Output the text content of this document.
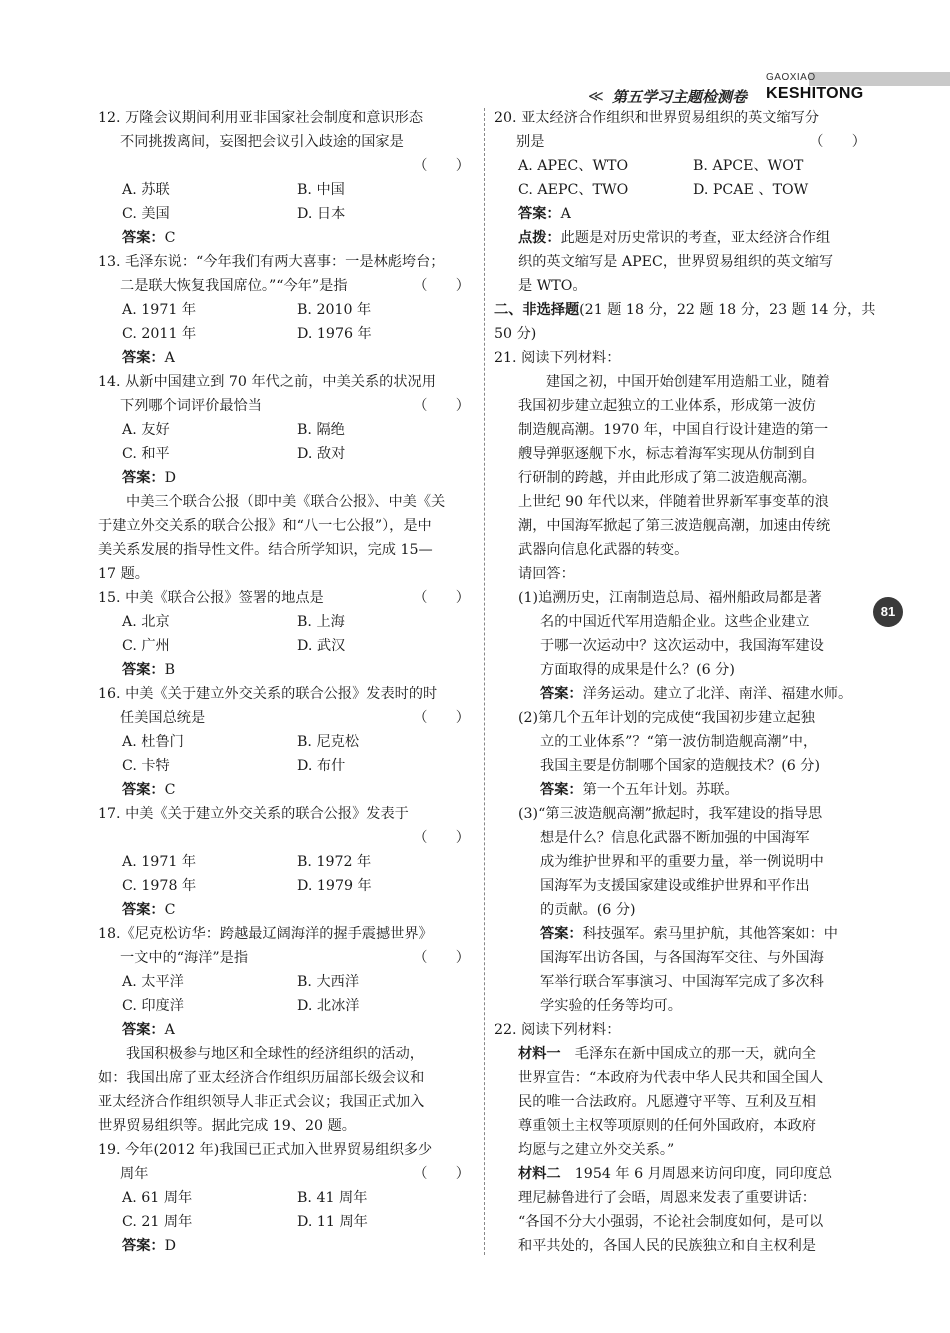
GAOXIAO
≪ 第五学习主题检测卷 KESHITONG
81
12. 万隆会议期间利用亚非国家社会制度和意识形态
不同挑拨离间，妄图把会议引入歧途的国家是
（　　）

A. 苏联	B. 中国
C. 美国	D. 日本
答案：C
13. 毛泽东说：“今年我们有两大喜事：一是林彪垮台；
二是联大恢复我国席位。”“今年”是指	（　　）
A. 1971 年	B. 2010 年
C. 2011 年	D. 1976 年
答案：A
14. 从新中国建立到 70 年代之前，中美关系的状况用
下列哪个词评价最恰当	（　　）
A. 友好	B. 隔绝
C. 和平	D. 敌对
答案：D
中美三个联合公报（即中美《联合公报》、中美《关
于建立外交关系的联合公报》和“八一七公报”），是中
美关系发展的指导性文件。结合所学知识，完成 15—
17 题。
15. 中美《联合公报》签署的地点是	（　　）
A. 北京	B. 上海
C. 广州	D. 武汉
答案：B
16. 中美《关于建立外交关系的联合公报》发表时的时
任美国总统是	（　　）
A. 杜鲁门	B. 尼克松
C. 卡特	D. 布什
答案：C
17. 中美《关于建立外交关系的联合公报》发表于
（　　）

A. 1971 年	B. 1972 年
C. 1978 年	D. 1979 年
答案：C
18.《尼克松访华：跨越最辽阔海洋的握手震撼世界》
一文中的“海洋”是指	（　　）
A. 太平洋	B. 大西洋
C. 印度洋	D. 北冰洋
答案：A
我国积极参与地区和全球性的经济组织的活动，
如：我国出席了亚太经济合作组织历届部长级会议和
亚太经济合作组织领导人非正式会议；我国正式加入
世界贸易组织等。据此完成 19、20 题。
19. 今年(2012 年)我国已正式加入世界贸易组织多少
周年	（　　）
A. 61 周年	B. 41 周年
C. 21 周年	D. 11 周年
答案：D
20. 亚太经济合作组织和世界贸易组织的英文缩写分
别是	（　　）
A. APEC、WTO	B. APCE、WOT
C. AEPC、TWO	D. PCAE 、TOW
答案：A
点拨：此题是对历史常识的考查，亚太经济合作组
织的英文缩写是 APEC，世界贸易组织的英文缩写
是 WTO。
二、非选择题(21 题 18 分，22 题 18 分，23 题 14 分，共
50 分)
21. 阅读下列材料：
建国之初，中国开始创建军用造船工业，随着
我国初步建立起独立的工业体系，形成第一波仿
制造舰高潮。1970 年，中国自行设计建造的第一
艘导弹驱逐舰下水，标志着海军实现从仿制到自
行研制的跨越，并由此形成了第二波造舰高潮。
上世纪 90 年代以来，伴随着世界新军事变革的浪
潮，中国海军掀起了第三波造舰高潮，加速由传统
武器向信息化武器的转变。
请回答：
(1)追溯历史，江南制造总局、福州船政局都是著
名的中国近代军用造船企业。这些企业建立
于哪一次运动中？这次运动中，我国海军建设
方面取得的成果是什么？(6 分)
答案：洋务运动。建立了北洋、南洋、福建水师。
(2)第几个五年计划的完成使“我国初步建立起独
立的工业体系”？“第一波仿制造舰高潮”中，
我国主要是仿制哪个国家的造舰技术？(6 分)
答案：第一个五年计划。苏联。
(3)“第三波造舰高潮”掀起时，我军建设的指导思
想是什么？信息化武器不断加强的中国海军
成为维护世界和平的重要力量，举一例说明中
国海军为支援国家建设或维护世界和平作出
的贡献。(6 分)
答案：科技强军。索马里护航，其他答案如：中
国海军出访各国，与各国海军交往、与外国海
军举行联合军事演习、中国海军完成了多次科
学实验的任务等均可。
22. 阅读下列材料：
材料一　毛泽东在新中国成立的那一天，就向全
世界宣告：“本政府为代表中华人民共和国全国人
民的唯一合法政府。凡愿遵守平等、互利及互相
尊重领土主权等项原则的任何外国政府，本政府
均愿与之建立外交关系。”
材料二　1954 年 6 月周恩来访问印度，同印度总
理尼赫鲁进行了会晤，周恩来发表了重要讲话：
“各国不分大小强弱，不论社会制度如何，是可以
和平共处的，各国人民的民族独立和自主权利是
